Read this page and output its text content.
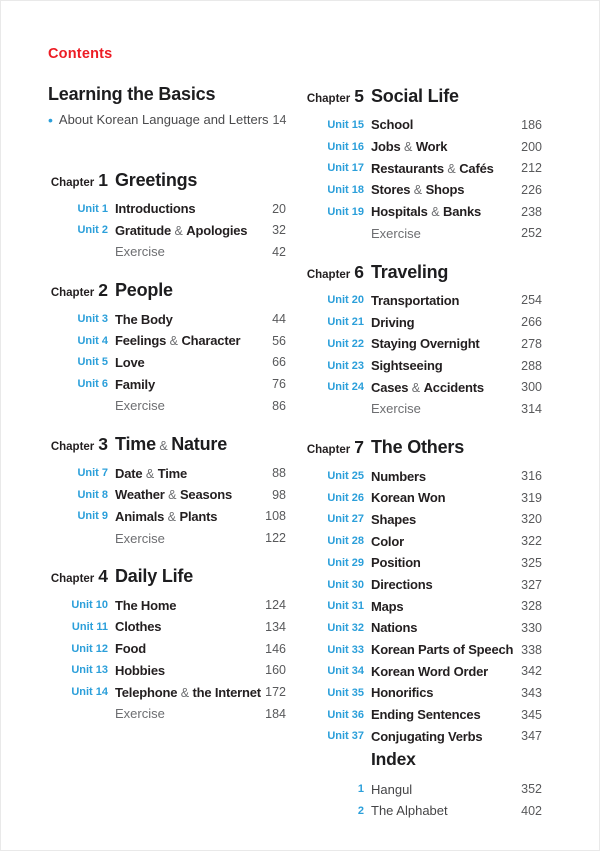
Contents
Learning the Basics
• About Korean Language and Letters 14
Chapter 1 Greetings
Unit 1 Introductions	20
Unit 2 Gratitude & Apologies	32
Exercise	42
Chapter 2 People
Unit 3 The Body	44
Unit 4 Feelings & Character	56
Unit 5 Love	66
Unit 6 Family	76
Exercise	86
Chapter 3 Time & Nature
Unit 7 Date & Time	88
Unit 8 Weather & Seasons	98
Unit 9 Animals & Plants	108
Exercise	122
Chapter 4 Daily Life
Unit 10 The Home	124
Unit 11 Clothes	134
Unit 12 Food	146
Unit 13 Hobbies	160
Unit 14 Telephone & the Internet 172
Exercise	184
Chapter 5 Social Life
Unit 15 School	186
Unit 16 Jobs & Work	200
Unit 17 Restaurants & Cafés	212
Unit 18 Stores & Shops	226
Unit 19 Hospitals & Banks	238
Exercise	252
Chapter 6 Traveling
Unit 20 Transportation	254
Unit 21 Driving	266
Unit 22 Staying Overnight	278
Unit 23 Sightseeing	288
Unit 24 Cases & Accidents	300
Exercise	314
Chapter 7 The Others
Unit 25 Numbers	316
Unit 26 Korean Won	319
Unit 27 Shapes	320
Unit 28 Color	322
Unit 29 Position	325
Unit 30 Directions	327
Unit 31 Maps	328
Unit 32 Nations	330
Unit 33 Korean Parts of Speech 338
Unit 34 Korean Word Order	342
Unit 35 Honorifics	343
Unit 36 Ending Sentences	345
Unit 37 Conjugating Verbs	347
Index
1 Hangul	352
2 The Alphabet	402
